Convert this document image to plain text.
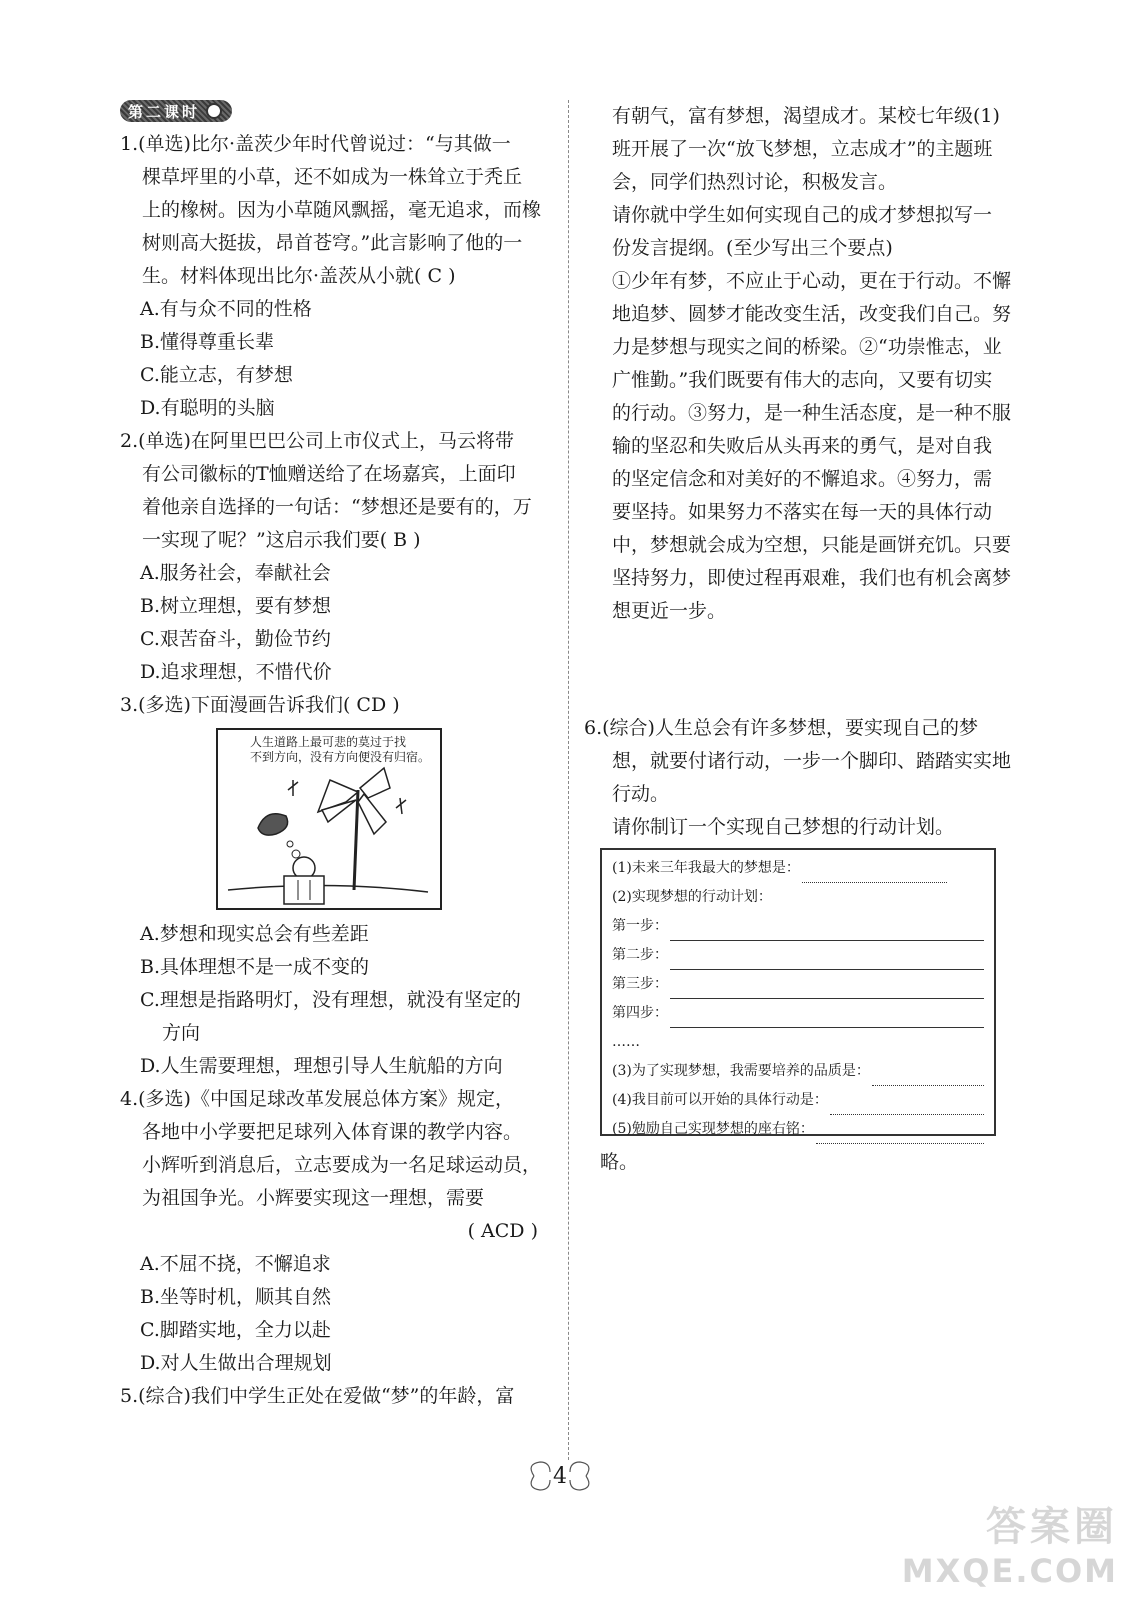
第二课时
1.(单选)比尔·盖茨少年时代曾说过：“与其做一
棵草坪里的小草，还不如成为一株耸立于秃丘
上的橡树。因为小草随风飘摇，毫无追求，而橡
树则高大挺拔，昂首苍穹。”此言影响了他的一
生。材料体现出比尔·盖茨从小就( C )
A.有与众不同的性格
B.懂得尊重长辈
C.能立志，有梦想
D.有聪明的头脑
2.(单选)在阿里巴巴公司上市仪式上，马云将带
有公司徽标的T恤赠送给了在场嘉宾，上面印
着他亲自选择的一句话：“梦想还是要有的，万
一实现了呢？”这启示我们要( B )
A.服务社会，奉献社会
B.树立理想，要有梦想
C.艰苦奋斗，勤俭节约
D.追求理想，不惜代价
3.(多选)下面漫画告诉我们( CD )
人生道路上最可悲的莫过于找
不到方向，没有方向便没有归宿。
A.梦想和现实总会有些差距
B.具体理想不是一成不变的
C.理想是指路明灯，没有理想，就没有坚定的
方向
D.人生需要理想，理想引导人生航船的方向
4.(多选)《中国足球改革发展总体方案》规定，
各地中小学要把足球列入体育课的教学内容。
小辉听到消息后，立志要成为一名足球运动员，
为祖国争光。小辉要实现这一理想，需要
( ACD )
A.不屈不挠，不懈追求
B.坐等时机，顺其自然
C.脚踏实地，全力以赴
D.对人生做出合理规划
5.(综合)我们中学生正处在爱做“梦”的年龄，富
有朝气，富有梦想，渴望成才。某校七年级(1)
班开展了一次“放飞梦想，立志成才”的主题班
会，同学们热烈讨论，积极发言。
请你就中学生如何实现自己的成才梦想拟写一
份发言提纲。(至少写出三个要点)
①少年有梦，不应止于心动，更在于行动。不懈
地追梦、圆梦才能改变生活，改变我们自己。努
力是梦想与现实之间的桥梁。②“功崇惟志，业
广惟勤。”我们既要有伟大的志向，又要有切实
的行动。③努力，是一种生活态度，是一种不服
输的坚忍和失败后从头再来的勇气，是对自我
的坚定信念和对美好的不懈追求。④努力，需
要坚持。如果努力不落实在每一天的具体行动
中，梦想就会成为空想，只能是画饼充饥。只要
坚持努力，即使过程再艰难，我们也有机会离梦
想更近一步。
6.(综合)人生总会有许多梦想，要实现自己的梦
想，就要付诸行动，一步一个脚印、踏踏实实地
行动。
请你制订一个实现自己梦想的行动计划。
(1)未来三年我最大的梦想是：
(2)实现梦想的行动计划：
第一步：
第二步：
第三步：
第四步：
……
(3)为了实现梦想，我需要培养的品质是：
(4)我目前可以开始的具体行动是：
(5)勉励自己实现梦想的座右铭：
略。
4
答案圈
MXQE.COM
